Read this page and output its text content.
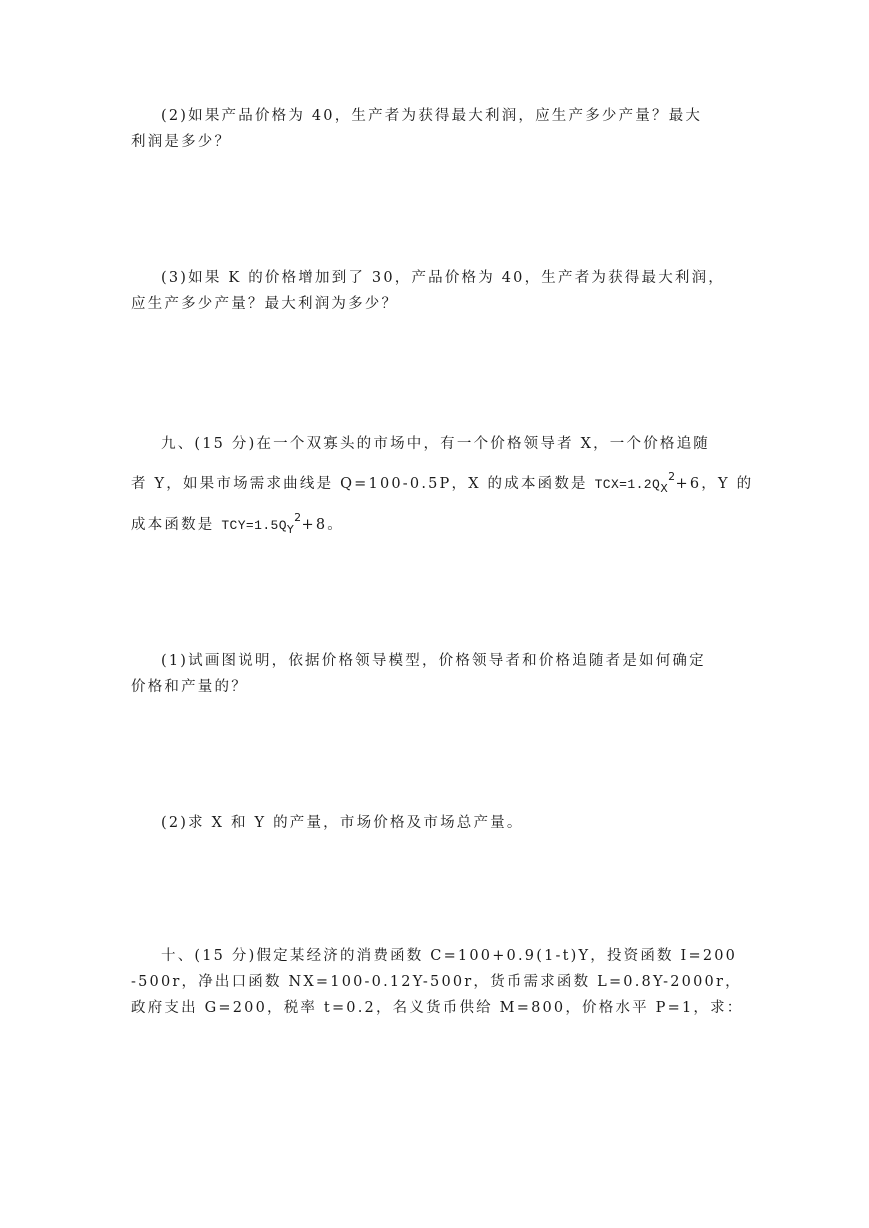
(2)如果产品价格为 40，生产者为获得最大利润，应生产多少产量？最大
利润是多少？

(3)如果 K 的价格增加到了 30，产品价格为 40，生产者为获得最大利润，
应生产多少产量？最大利润为多少？

九、(15 分)在一个双寡头的市场中，有一个价格领导者 X，一个价格追随
者 Y，如果市场需求曲线是 Q=100-0.5P，X 的成本函数是 $TCX=1.2Q_X^2+6$，Y 的
成本函数是 $TCY=1.5Q_Y^2+8$。

(1)试画图说明，依据价格领导模型，价格领导者和价格追随者是如何确定
价格和产量的？

(2)求 X 和 Y 的产量，市场价格及市场总产量。

十、(15 分)假定某经济的消费函数 C=100+0.9(1-t)Y，投资函数 I=200
-500r，净出口函数 NX=100-0.12Y-500r，货币需求函数 L=0.8Y-2000r，
政府支出 G=200，税率 t=0.2，名义货币供给 M=800，价格水平 P=1，求：
